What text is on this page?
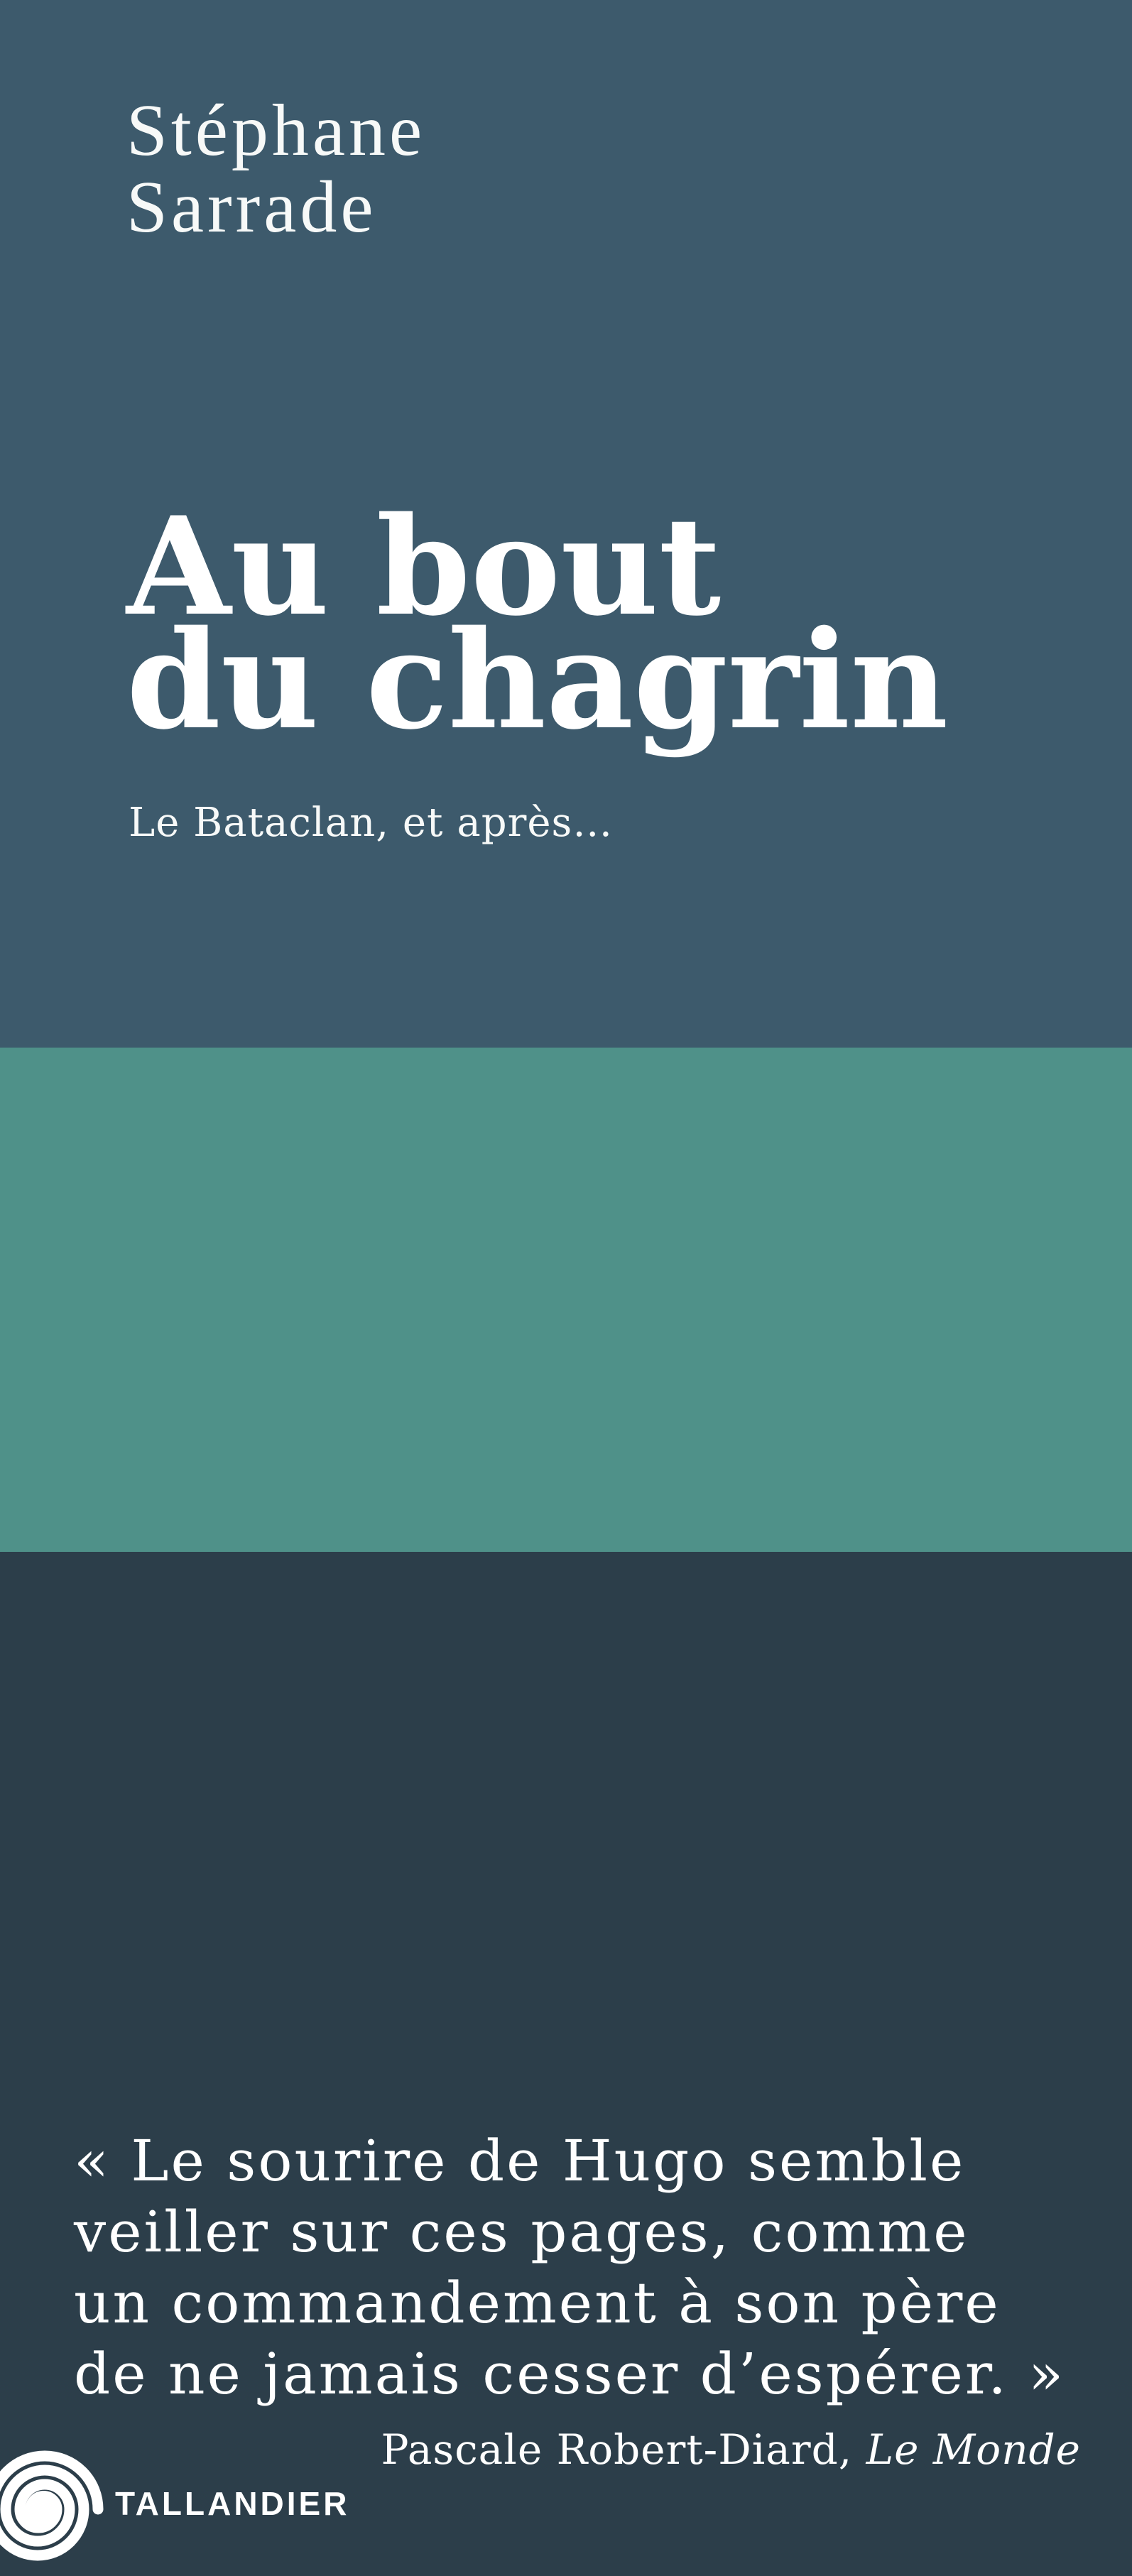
Stéphane
Sarrade
Au bout
du chagrin
Le Bataclan, et après…
« Le sourire de Hugo semble
veiller sur ces pages, comme
un commandement à son père
de ne jamais cesser d’espérer. »
Pascale Robert-Diard, Le Monde
TALLANDIER
